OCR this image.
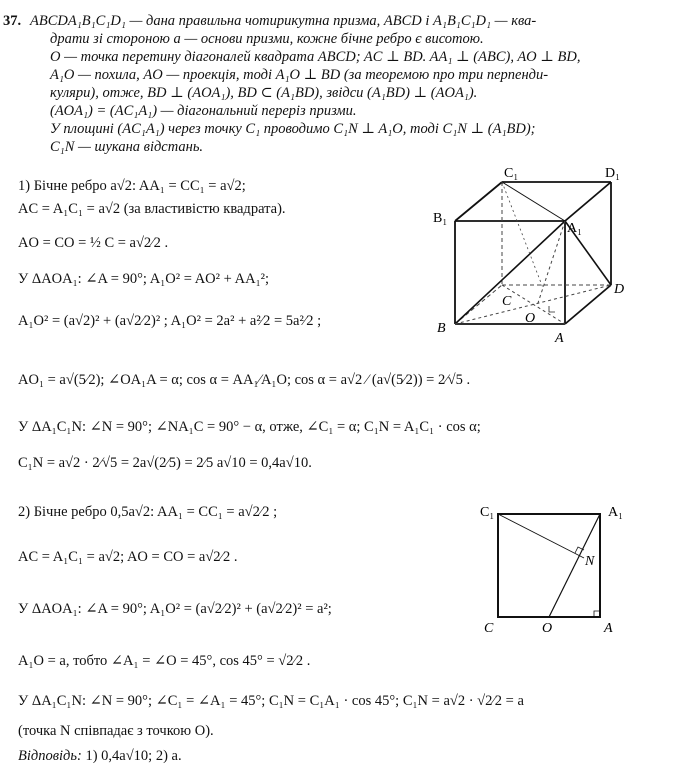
37. ABCDA₁B₁C₁D₁ — дана правильна чотирикутна призма, ABCD і A₁B₁C₁D₁ — ква-
драти зі стороною a — основи призми, кожне бічне ребро є висотою.
O — точка перетину діагоналей квадрата ABCD; AC ⊥ BD. AA₁ ⊥ (ABC), AO ⊥ BD,
A₁O — похила, AO — проекція, тоді A₁O ⊥ BD (за теоремою про три перпенди-
куляри), отже, BD ⊥ (AOA₁), BD ⊂ (A₁BD), звідси (A₁BD) ⊥ (AOA₁).
(AOA₁) = (AC₁A₁) — діагональний переріз призми.
У площині (AC₁A₁) через точку C₁ проводимо C₁N ⊥ A₁O, тоді C₁N ⊥ (A₁BD);
C₁N — шукана відстань.
1) Бічне ребро a√2: AA₁ = CC₁ = a√2;
AC = A₁C₁ = a√2 (за властивістю квадрата).
AO = CO = ½ C = a√2⁄2 .
У ΔAOA₁: ∠A = 90°; A₁O² = AO² + AA₁²;
A₁O² = (a√2)² + (a√2⁄2)² ; A₁O² = 2a² + a²⁄2 = 5a²⁄2 ;
AO₁ = a√(5⁄2); ∠OA₁A = α; cos α = AA₁⁄A₁O; cos α = a√2 ⁄ (a√(5⁄2)) = 2⁄√5 .
У ΔA₁C₁N: ∠N = 90°; ∠NA₁C = 90° − α, отже, ∠C₁ = α; C₁N = A₁C₁ · cos α;
C₁N = a√2 · 2⁄√5 = 2a√(2⁄5) = 2⁄5 a√10 = 0,4a√10.
2) Бічне ребро 0,5a√2: AA₁ = CC₁ = a√2⁄2 ;
AC = A₁C₁ = a√2; AO = CO = a√2⁄2 .
У ΔAOA₁: ∠A = 90°; A₁O² = (a√2⁄2)² + (a√2⁄2)² = a²;
A₁O = a, тобто ∠A₁ = ∠O = 45°, cos 45° = √2⁄2 .
У ΔA₁C₁N: ∠N = 90°; ∠C₁ = ∠A₁ = 45°; C₁N = C₁A₁ · cos 45°; C₁N = a√2 · √2⁄2 = a
(точка N співпадає з точкою O).
Відповідь: 1) 0,4a√10; 2) a.
C₁	D₁
B₁
A₁
C
D
O
B
A
C₁	A₁
N
C	O	A
